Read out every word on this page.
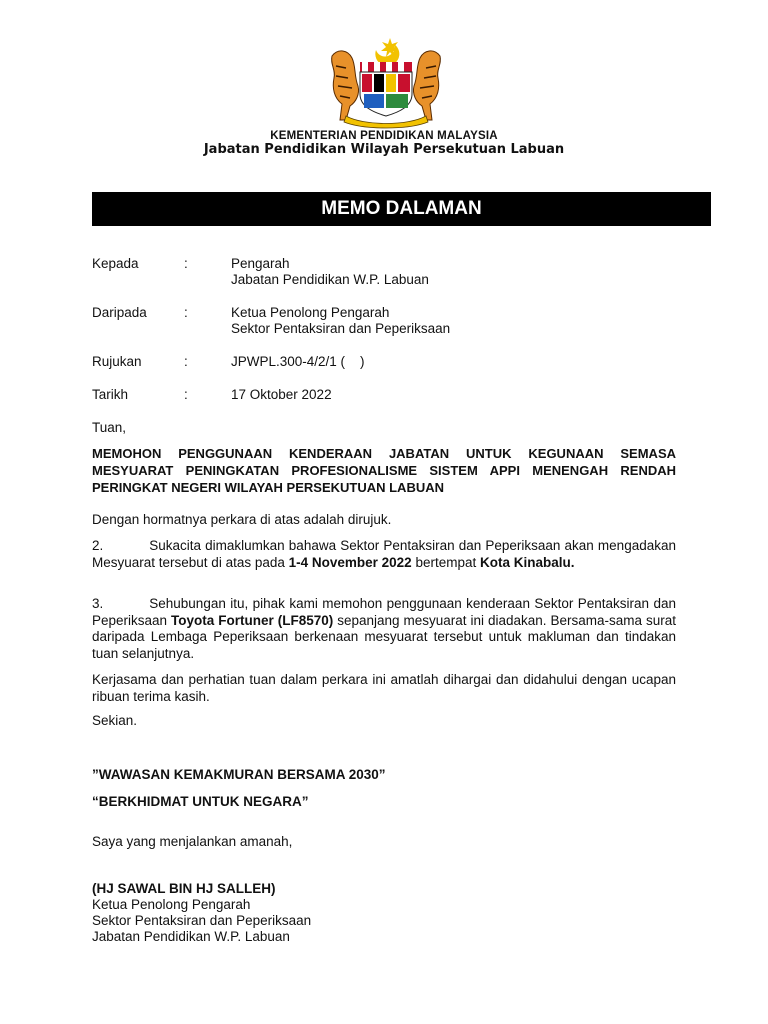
KEMENTERIAN PENDIDIKAN MALAYSIA
Jabatan Pendidikan Wilayah Persekutuan Labuan
MEMO DALAMAN
Kepada	:	Pengarah
Jabatan Pendidikan W.P. Labuan
Daripada	:	Ketua Penolong Pengarah
Sektor Pentaksiran dan Peperiksaan
Rujukan	:	JPWPL.300-4/2/1 (    )
Tarikh	:	17 Oktober 2022
Tuan,
MEMOHON PENGGUNAAN KENDERAAN JABATAN UNTUK KEGUNAAN SEMASA MESYUARAT PENINGKATAN PROFESIONALISME SISTEM APPI MENENGAH RENDAH PERINGKAT NEGERI WILAYAH PERSEKUTUAN LABUAN
Dengan hormatnya perkara di atas adalah dirujuk.
2.	Sukacita dimaklumkan bahawa Sektor Pentaksiran dan Peperiksaan akan mengadakan Mesyuarat tersebut di atas pada 1-4 November 2022 bertempat Kota Kinabalu.
3.	Sehubungan itu, pihak kami memohon penggunaan kenderaan Sektor Pentaksiran dan Peperiksaan Toyota Fortuner (LF8570) sepanjang mesyuarat ini diadakan. Bersama-sama surat daripada Lembaga Peperiksaan berkenaan mesyuarat tersebut untuk makluman dan tindakan tuan selanjutnya.
Kerjasama dan perhatian tuan dalam perkara ini amatlah dihargai dan didahului dengan ucapan ribuan terima kasih.
Sekian.
”WAWASAN KEMAKMURAN BERSAMA 2030”
“BERKHIDMAT UNTUK NEGARA”
Saya yang menjalankan amanah,
(HJ SAWAL BIN HJ SALLEH)
Ketua Penolong Pengarah
Sektor Pentaksiran dan Peperiksaan
Jabatan Pendidikan W.P. Labuan
